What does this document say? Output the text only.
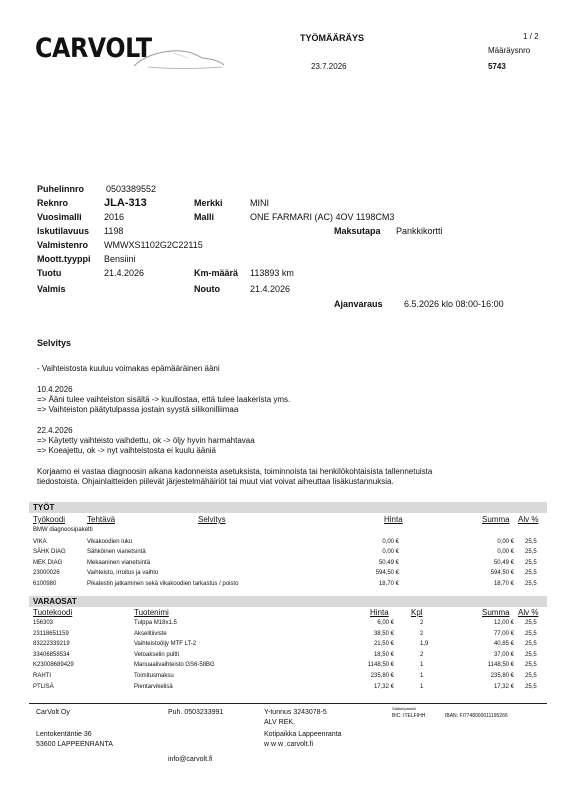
CARVOLT	TYÖMÄÄRÄYS	1 / 2
Määräysnro
5743
23.7.2026
Puhelinnro 0503389552
Reknro	JLA-313	Merkki	MINI
Vuosimalli 2016	Malli	ONE FARMARI (AC) 4OV 1198CM3
Iskutilavuus 1198	Maksutapa Pankkikortti
Valmistenro WMWXS1102G2C22115
Moott.tyyppi Bensiini
Tuotu	21.4.2026	Km-määrä 113893 km
Valmis	Nouto	21.4.2026
Ajanvaraus 6.5.2026 klo 08:00-16:00
Selvitys
- Vaihteistosta kuuluu voimakas epämääräinen ääni
10.4.2026
=> Ääni tulee vaihteiston sisältä -> kuullostaa, että tulee laakerista yms.
=> Vaihteiston päätytulpassa jostain syystä silikonilliimaa
22.4.2026
=> Käytetty vaihteisto vaihdettu, ok -> öljy hyvin harmahtavaa
=> Koeajettu, ok -> nyt vaihteistosta ei kuulu ääniä
Korjaamo ei vastaa diagnoosin aikana kadonneista asetuksista, toiminnoista tai henkilökohtaisista tallennetuista
tiedostoista. Ohjainlaitteiden piilevät järjestelmähäiriöt tai muut viat voivat aiheuttaa lisäkustannuksia.
TYÖT
Työkoodi	Tehtävä	Selvitys	Hinta	Summa Alv %
BMW diagnoosipaketti
VIKA	Vikakoodien luku	0,00 €	0,00 € 25,5
SÄHK DIAG	Sähköinen vianetsintä	0,00 €	0,00 € 25,5
MEK DIAG	Mekaaninen vianetsintä	50,49 €	50,49 € 25,5
23000026	Vaihteisto, irroitus ja vaihto	594,50 €	594,50 € 25,5
6100980	Pikatestin jatkaminen sekä vikakoodien tarkastus / poisto	18,70 €	18,70 € 25,5
VARAOSAT
Tuotekoodi	Tuotenimi	Hinta	Kpl	Summa Alv %
156303	Tulppa M18x1.5	6,00 €	2	12,00 € 25,5
23118651159	Akselitiiviste	38,50 €	2	77,00 € 25,5
83222339219	Vaihteistoöljy MTF LT-2	21,50 €	1,9	40,85 € 25,5
33406858534	Vetoakselin pultti	18,50 €	2	37,00 € 25,5
K23008689429	Manuaalivaihteisto GS6-58BG	1148,50 €	1	1148,50 € 25,5
RAHTI	Toimitusmaksu	235,80 €	1	235,80 € 25,5
PTLISÄ	Pientarvikelisä	17,32 €	1	17,32 € 25,5
CarVolt Oy
Lentokentäntie 36
53600 LAPPEENRANTA
Puh. 0503233991
info@carvolt.fi
Y-tunnus 3243078-5
ALV REK.
Kotipaikka Lappeenranta
w w w .carvolt.fi
Säästöpankki
BIC: ITELFIHH	IBAN: FI7748000011195266
